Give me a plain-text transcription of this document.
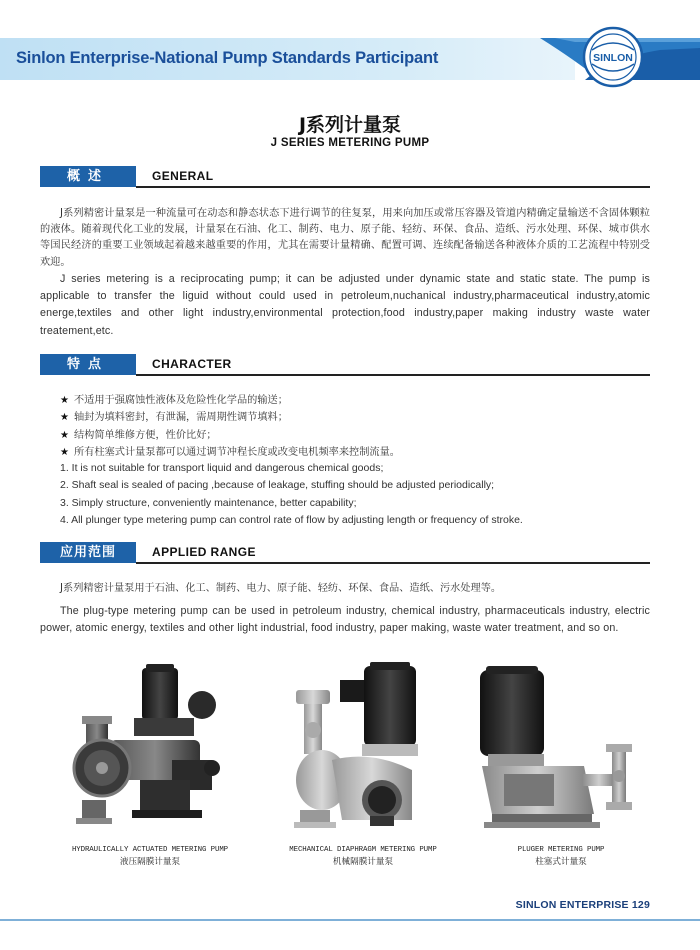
Sinlon Enterprise-National Pump Standards Participant	SINLON
J系列计量泵
J SERIES METERING PUMP
概述	GENERAL
J系列精密计量泵是一种流量可在动态和静态状态下进行调节的往复泵，用来向加压或常压容器及管道内精确定量输送不含固体颗粒的液体。随着现代化工业的发展，计量泵在石油、化工、制药、电力、原子能、轻纺、环保、食品、造纸、污水处理、环保、城市供水等国民经济的重要工业领域起着越来越重要的作用，尤其在需要计量精确、配置可调、连续配备输送各种液体介质的工艺流程中特别受欢迎。
J series metering is a reciprocating pump; it can be adjusted under dynamic state and static state. The pump is applicable to transfer the liguid without could used in petroleum,nuchanical industry,pharmaceutical industry,atomic energe,textiles and other light industry,environmental protection,food industry,paper making industry waste water treatement,etc.
特点	CHARACTER
★ 不适用于强腐蚀性液体及危险性化学品的输送；
★ 轴封为填料密封，有泄漏，需周期性调节填料；
★ 结构简单维修方便，性价比好；
★ 所有柱塞式计量泵都可以通过调节冲程长度或改变电机频率来控制流量。
1. It is not suitable for transport liquid and dangerous chemical goods;
2. Shaft seal is sealed of pacing ,because of leakage, stuffing should be adjusted periodically;
3. Simply structure, conveniently maintenance, better capability;
4. All plunger type metering pump can control rate of flow by adjusting length or frequency of stroke.
应用范围	APPLIED RANGE
J系列精密计量泵用于石油、化工、制药、电力、原子能、轻纺、环保、食品、造纸、污水处理等。
The plug-type metering pump can be used in petroleum industry, chemical industry, pharmaceuticals industry, electric power, atomic energy, textiles and other light industrial, food industry, paper making, waste water treatment, and so on.
HYDRAULICALLY ACTUATED METERING PUMP
液压隔膜计量泵
MECHANICAL DIAPHRAGM METERING PUMP
机械隔膜计量泵
PLUGER METERING PUMP
柱塞式计量泵
SINLON ENTERPRISE 129
